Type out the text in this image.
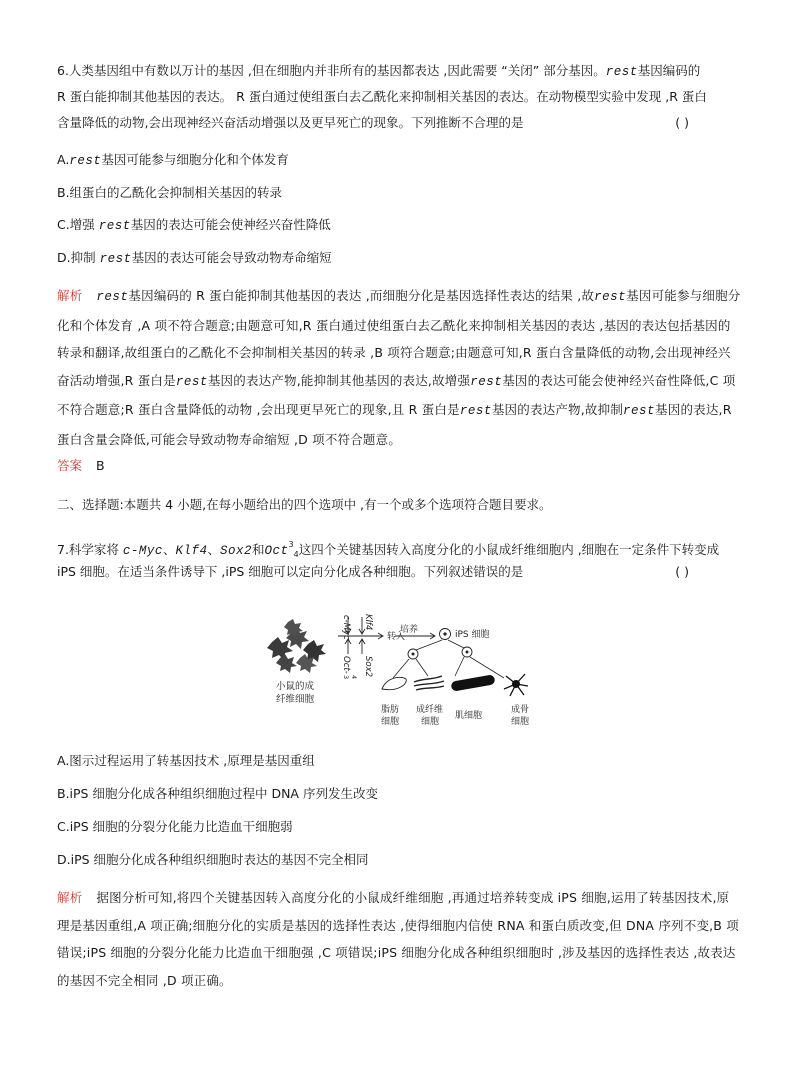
6.人类基因组中有数以万计的基因 ,但在细胞内并非所有的基因都表达 ,因此需要 “关闭” 部分基因。rest基因编码的
R 蛋白能抑制其他基因的表达。 R 蛋白通过使组蛋白去乙酰化来抑制相关基因的表达。在动物模型实验中发现 ,R 蛋白
含量降低的动物,会出现神经兴奋活动增强以及更早死亡的现象。下列推断不合理的是	( )
A.rest基因可能参与细胞分化和个体发育
B.组蛋白的乙酰化会抑制相关基因的转录
C.增强 rest基因的表达可能会使神经兴奋性降低
D.抑制 rest基因的表达可能会导致动物寿命缩短
解析 rest基因编码的 R 蛋白能抑制其他基因的表达 ,而细胞分化是基因选择性表达的结果 ,故rest基因可能参与细胞分化和个体发育 ,A 项不符合题意;由题意可知,R 蛋白通过使组蛋白去乙酰化来抑制相关基因的表达 ,基因的表达包括基因的转录和翻译,故组蛋白的乙酰化不会抑制相关基因的转录 ,B 项符合题意;由题意可知,R 蛋白含量降低的动物,会出现神经兴奋活动增强,R 蛋白是rest基因的表达产物,能抑制其他基因的表达,故增强rest基因的表达可能会使神经兴奋性降低,C 项不符合题意;R 蛋白含量降低的动物 ,会出现更早死亡的现象,且 R 蛋白是rest基因的表达产物,故抑制rest基因的表达,R 蛋白含量会降低,可能会导致动物寿命缩短 ,D 项不符合题意。
答案 B
二、选择题:本题共 4 小题,在每小题给出的四个选项中 ,有一个或多个选项符合题目要求。
7.科学家将 c-Myc、Klf4、Sox2和Oct$^3_4$这四个关键基因转入高度分化的小鼠成纤维细胞内 ,细胞在一定条件下转变成
iPS 细胞。在适当条件诱导下 ,iPS 细胞可以定向分化成各种细胞。下列叙述错误的是	( )
小鼠的成
纤维细胞
c-Myc Klf4
转入
Oct-
3 4
Sox2
培养	iPS 细胞
脂肪
细胞
成纤维
细胞
肌细胞
成骨
细胞
A.图示过程运用了转基因技术 ,原理是基因重组
B.iPS 细胞分化成各种组织细胞过程中 DNA 序列发生改变
C.iPS 细胞的分裂分化能力比造血干细胞弱
D.iPS 细胞分化成各种组织细胞时表达的基因不完全相同
解析 据图分析可知,将四个关键基因转入高度分化的小鼠成纤维细胞 ,再通过培养转变成 iPS 细胞,运用了转基因技术,原理是基因重组,A 项正确;细胞分化的实质是基因的选择性表达 ,使得细胞内信使 RNA 和蛋白质改变,但 DNA 序列不变,B 项错误;iPS 细胞的分裂分化能力比造血干细胞强 ,C 项错误;iPS 细胞分化成各种组织细胞时 ,涉及基因的选择性表达 ,故表达的基因不完全相同 ,D 项正确。
